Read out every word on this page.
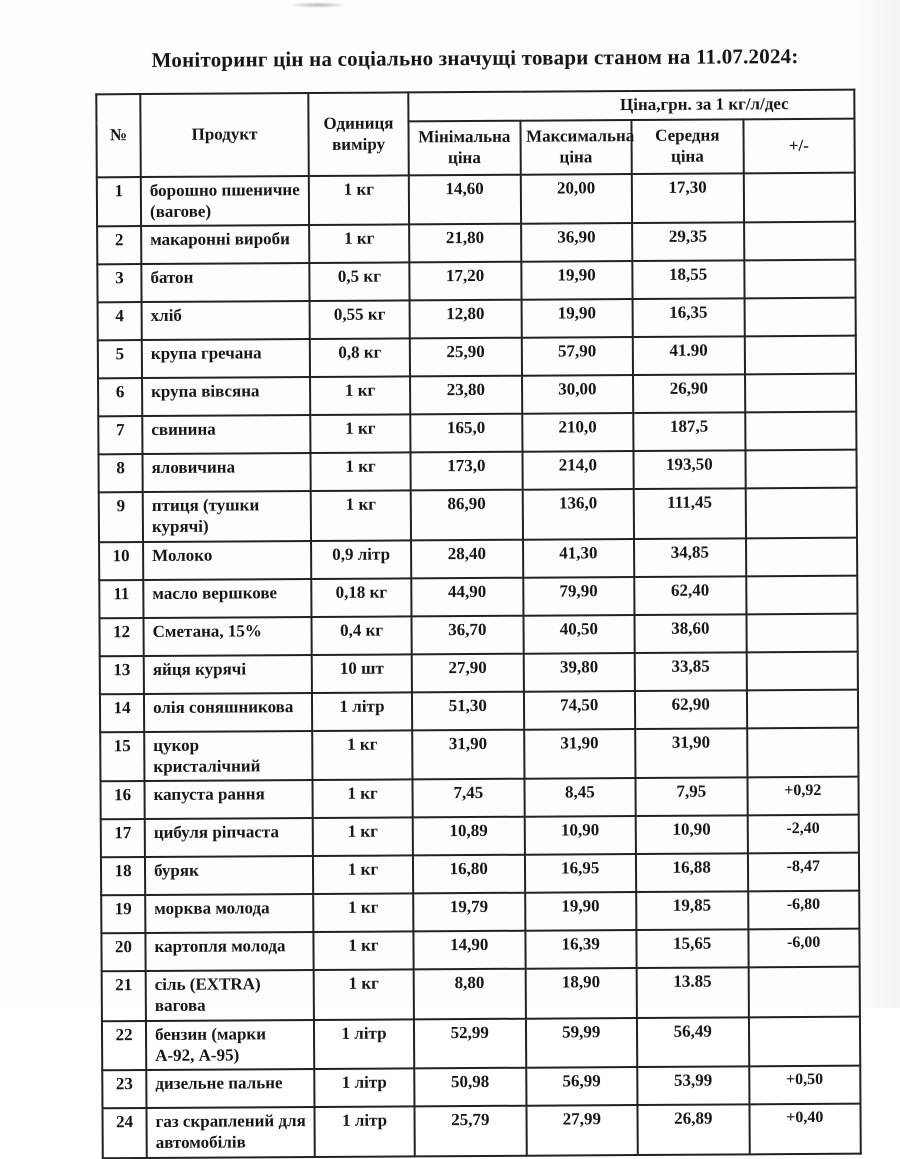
Моніторинг цін на соціально значущі товари станом на 11.07.2024:
№	Продукт	Одиниця виміру	Ціна,грн. за 1 кг/л/дес			
			Мінімальна ціна	Максимальна ціна	Середня ціна	+/-
1	борошно пшеничне (вагове)	1 кг	14,60	20,00	17,30	
2	макаронні вироби	1 кг	21,80	36,90	29,35	
3	батон	0,5 кг	17,20	19,90	18,55	
4	хліб	0,55 кг	12,80	19,90	16,35	
5	крупа гречана	0,8 кг	25,90	57,90	41.90	
6	крупа вівсяна	1 кг	23,80	30,00	26,90	
7	свинина	1 кг	165,0	210,0	187,5	
8	яловичина	1 кг	173,0	214,0	193,50	
9	птиця (тушки курячі)	1 кг	86,90	136,0	111,45	
10	Молоко	0,9 літр	28,40	41,30	34,85	
11	масло вершкове	0,18 кг	44,90	79,90	62,40	
12	Сметана, 15%	0,4 кг	36,70	40,50	38,60	
13	яйця курячі	10 шт	27,90	39,80	33,85	
14	олія соняшникова	1 літр	51,30	74,50	62,90	
15	цукор кристалічний	1 кг	31,90	31,90	31,90	
16	капуста рання	1 кг	7,45	8,45	7,95	+0,92
17	цибуля ріпчаста	1 кг	10,89	10,90	10,90	-2,40
18	буряк	1 кг	16,80	16,95	16,88	-8,47
19	морква молода	1 кг	19,79	19,90	19,85	-6,80
20	картопля молода	1 кг	14,90	16,39	15,65	-6,00
21	сіль (EXTRA) вагова	1 кг	8,80	18,90	13.85	
22	бензин (марки А-92, А-95)	1 літр	52,99	59,99	56,49	
23	дизельне пальне	1 літр	50,98	56,99	53,99	+0,50
24	газ скраплений для автомобілів	1 літр	25,79	27,99	26,89	+0,40
